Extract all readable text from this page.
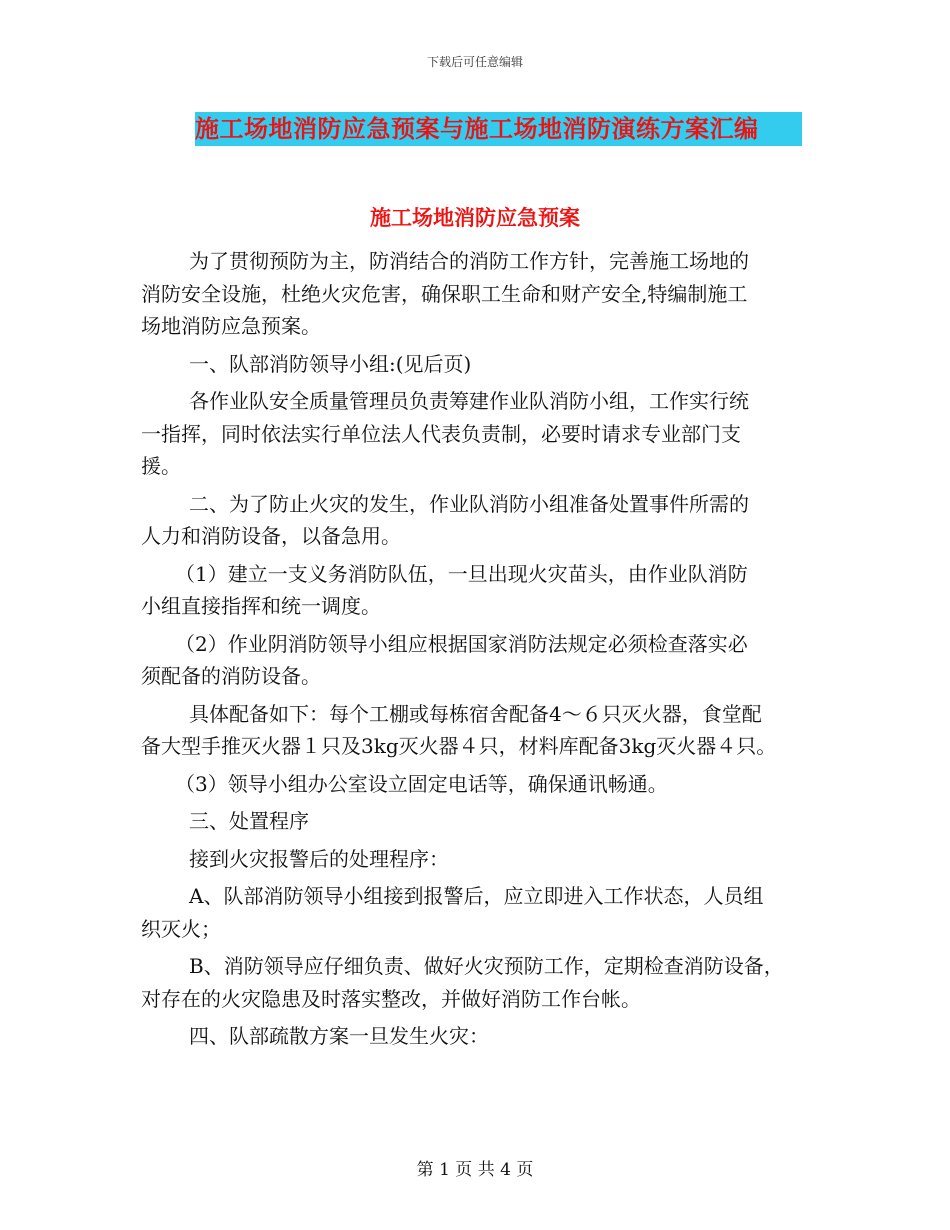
下载后可任意编辑
施工场地消防应急预案与施工场地消防演练方案汇编
施工场地消防应急预案
为了贯彻预防为主，防消结合的消防工作方针，完善施工场地的
消防安全设施，杜绝火灾危害，确保职工生命和财产安全,特编制施工
场地消防应急预案。
一、队部消防领导小组:(见后页)
各作业队安全质量管理员负责筹建作业队消防小组，工作实行统
一指挥，同时依法实行单位法人代表负责制，必要时请求专业部门支
援。
二、为了防止火灾的发生，作业队消防小组准备处置事件所需的
人力和消防设备，以备急用。
（1）建立一支义务消防队伍，一旦出现火灾苗头，由作业队消防
小组直接指挥和统一调度。
（2）作业阴消防领导小组应根据国家消防法规定必须检查落实必
须配备的消防设备。
具体配备如下：每个工棚或每栋宿舍配备4～６只灭火器，食堂配
备大型手推灭火器１只及3kg灭火器４只，材料库配备3kg灭火器４只。
（3）领导小组办公室设立固定电话等，确保通讯畅通。
三、处置程序
接到火灾报警后的处理程序：
A、队部消防领导小组接到报警后，应立即进入工作状态，人员组
织灭火；
B、消防领导应仔细负责、做好火灾预防工作，定期检查消防设备，
对存在的火灾隐患及时落实整改，并做好消防工作台帐。
四、队部疏散方案一旦发生火灾：
第 1 页 共 4 页
